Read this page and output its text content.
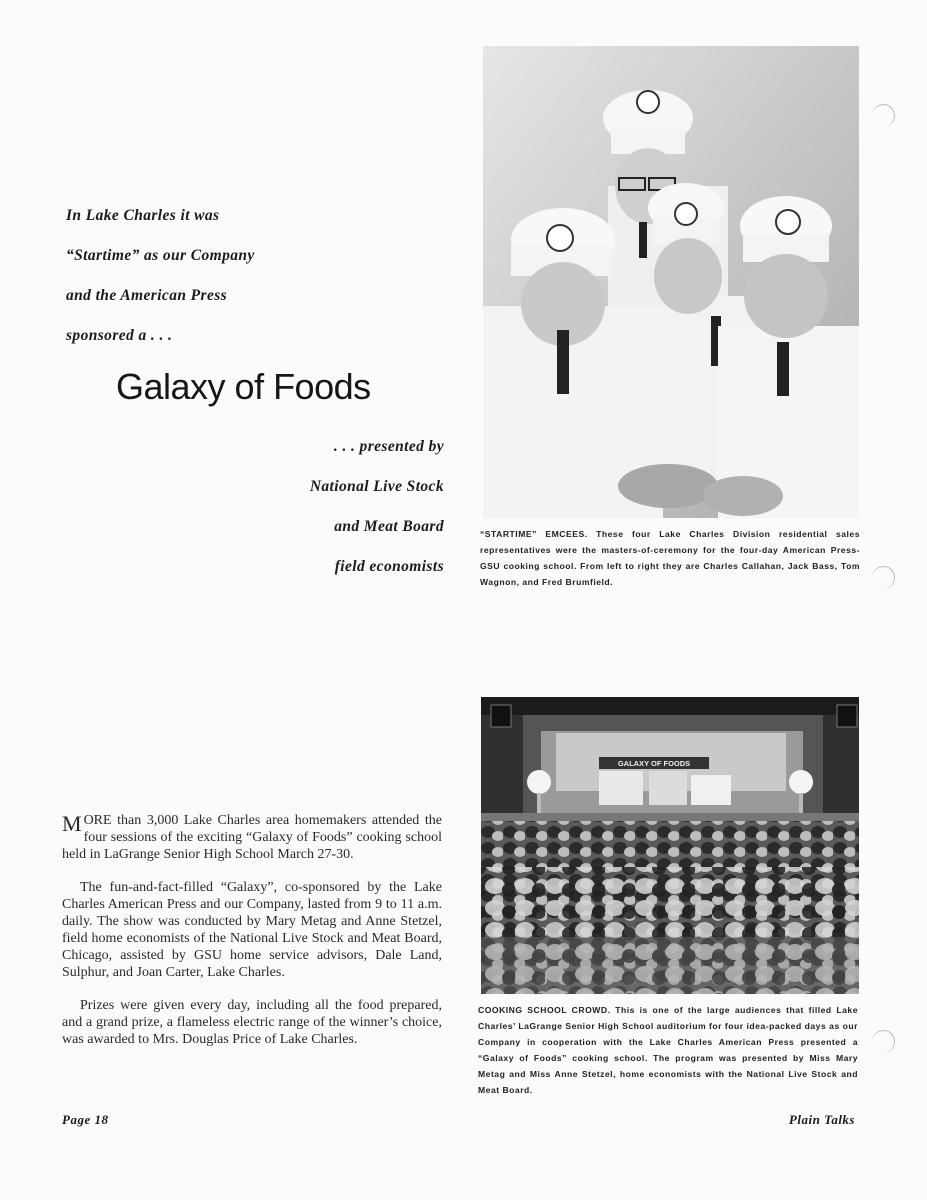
In Lake Charles it was
“Startime” as our Company
and the American Press
sponsored a . . .
Galaxy of Foods
. . . presented by
National Live Stock
and Meat Board
field economists
“STARTIME” EMCEES. These four Lake Charles Division residential sales representatives were the masters-of-ceremony for the four-day American Press-GSU cooking school. From left to right they are Charles Callahan, Jack Bass, Tom Wagnon, and Fred Brumfield.
GALAXY OF FOODS
COOKING SCHOOL CROWD. This is one of the large audiences that filled Lake Charles’ LaGrange Senior High School auditorium for four idea-packed days as our Company in cooperation with the Lake Charles American Press presented a “Galaxy of Foods” cooking school. The program was presented by Miss Mary Metag and Miss Anne Stetzel, home economists with the National Live Stock and Meat Board.

MORE than 3,000 Lake Charles area homemakers attended the four sessions of the exciting “Galaxy of Foods” cooking school held in LaGrange Senior High School March 27-30.

The fun-and-fact-filled “Galaxy”, co-sponsored by the Lake Charles American Press and our Company, lasted from 9 to 11 a.m. daily. The show was conducted by Mary Metag and Anne Stetzel, field home economists of the National Live Stock and Meat Board, Chicago, assisted by GSU home service advisors, Dale Land, Sulphur, and Joan Carter, Lake Charles.

Prizes were given every day, including all the food prepared, and a grand prize, a flameless electric range of the winner’s choice, was awarded to Mrs. Douglas Price of Lake Charles.

Page 18	Plain Talks
